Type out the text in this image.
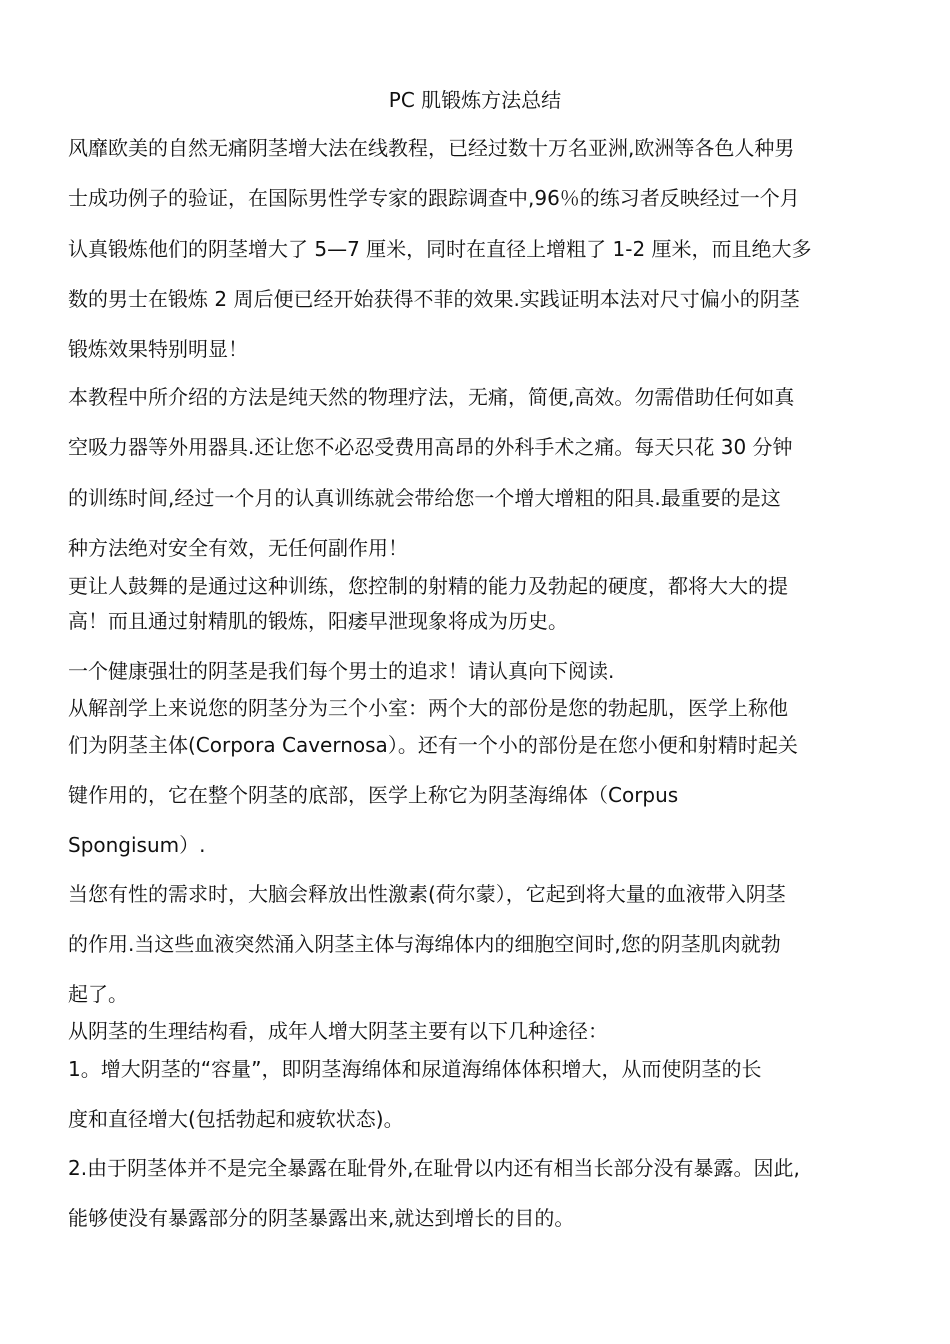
PC 肌锻炼方法总结
风靡欧美的自然无痛阴茎增大法在线教程，已经过数十万名亚洲,欧洲等各色人种男
士成功例子的验证，在国际男性学专家的跟踪调查中,96％的练习者反映经过一个月
认真锻炼他们的阴茎增大了 5—7 厘米，同时在直径上增粗了 1-2 厘米，而且绝大多
数的男士在锻炼 2 周后便已经开始获得不菲的效果.实践证明本法对尺寸偏小的阴茎
锻炼效果特别明显！
本教程中所介绍的方法是纯天然的物理疗法，无痛，简便,高效。勿需借助任何如真
空吸力器等外用器具.还让您不必忍受费用高昂的外科手术之痛。每天只花 30 分钟
的训练时间,经过一个月的认真训练就会带给您一个增大增粗的阳具.最重要的是这
种方法绝对安全有效，无任何副作用！
更让人鼓舞的是通过这种训练，您控制的射精的能力及勃起的硬度，都将大大的提
高！而且通过射精肌的锻炼，阳痿早泄现象将成为历史。
一个健康强壮的阴茎是我们每个男士的追求！请认真向下阅读.
从解剖学上来说您的阴茎分为三个小室：两个大的部份是您的勃起肌，医学上称他
们为阴茎主体(Corpora Cavernosa）。还有一个小的部份是在您小便和射精时起关
键作用的，它在整个阴茎的底部，医学上称它为阴茎海绵体（Corpus
Spongisum）.
当您有性的需求时，大脑会释放出性激素(荷尔蒙），它起到将大量的血液带入阴茎
的作用.当这些血液突然涌入阴茎主体与海绵体内的细胞空间时,您的阴茎肌肉就勃
起了。
从阴茎的生理结构看，成年人增大阴茎主要有以下几种途径：
1。增大阴茎的“容量”，即阴茎海绵体和尿道海绵体体积增大，从而使阴茎的长
度和直径增大(包括勃起和疲软状态)。
2.由于阴茎体并不是完全暴露在耻骨外,在耻骨以内还有相当长部分没有暴露。因此,
能够使没有暴露部分的阴茎暴露出来,就达到增长的目的。
